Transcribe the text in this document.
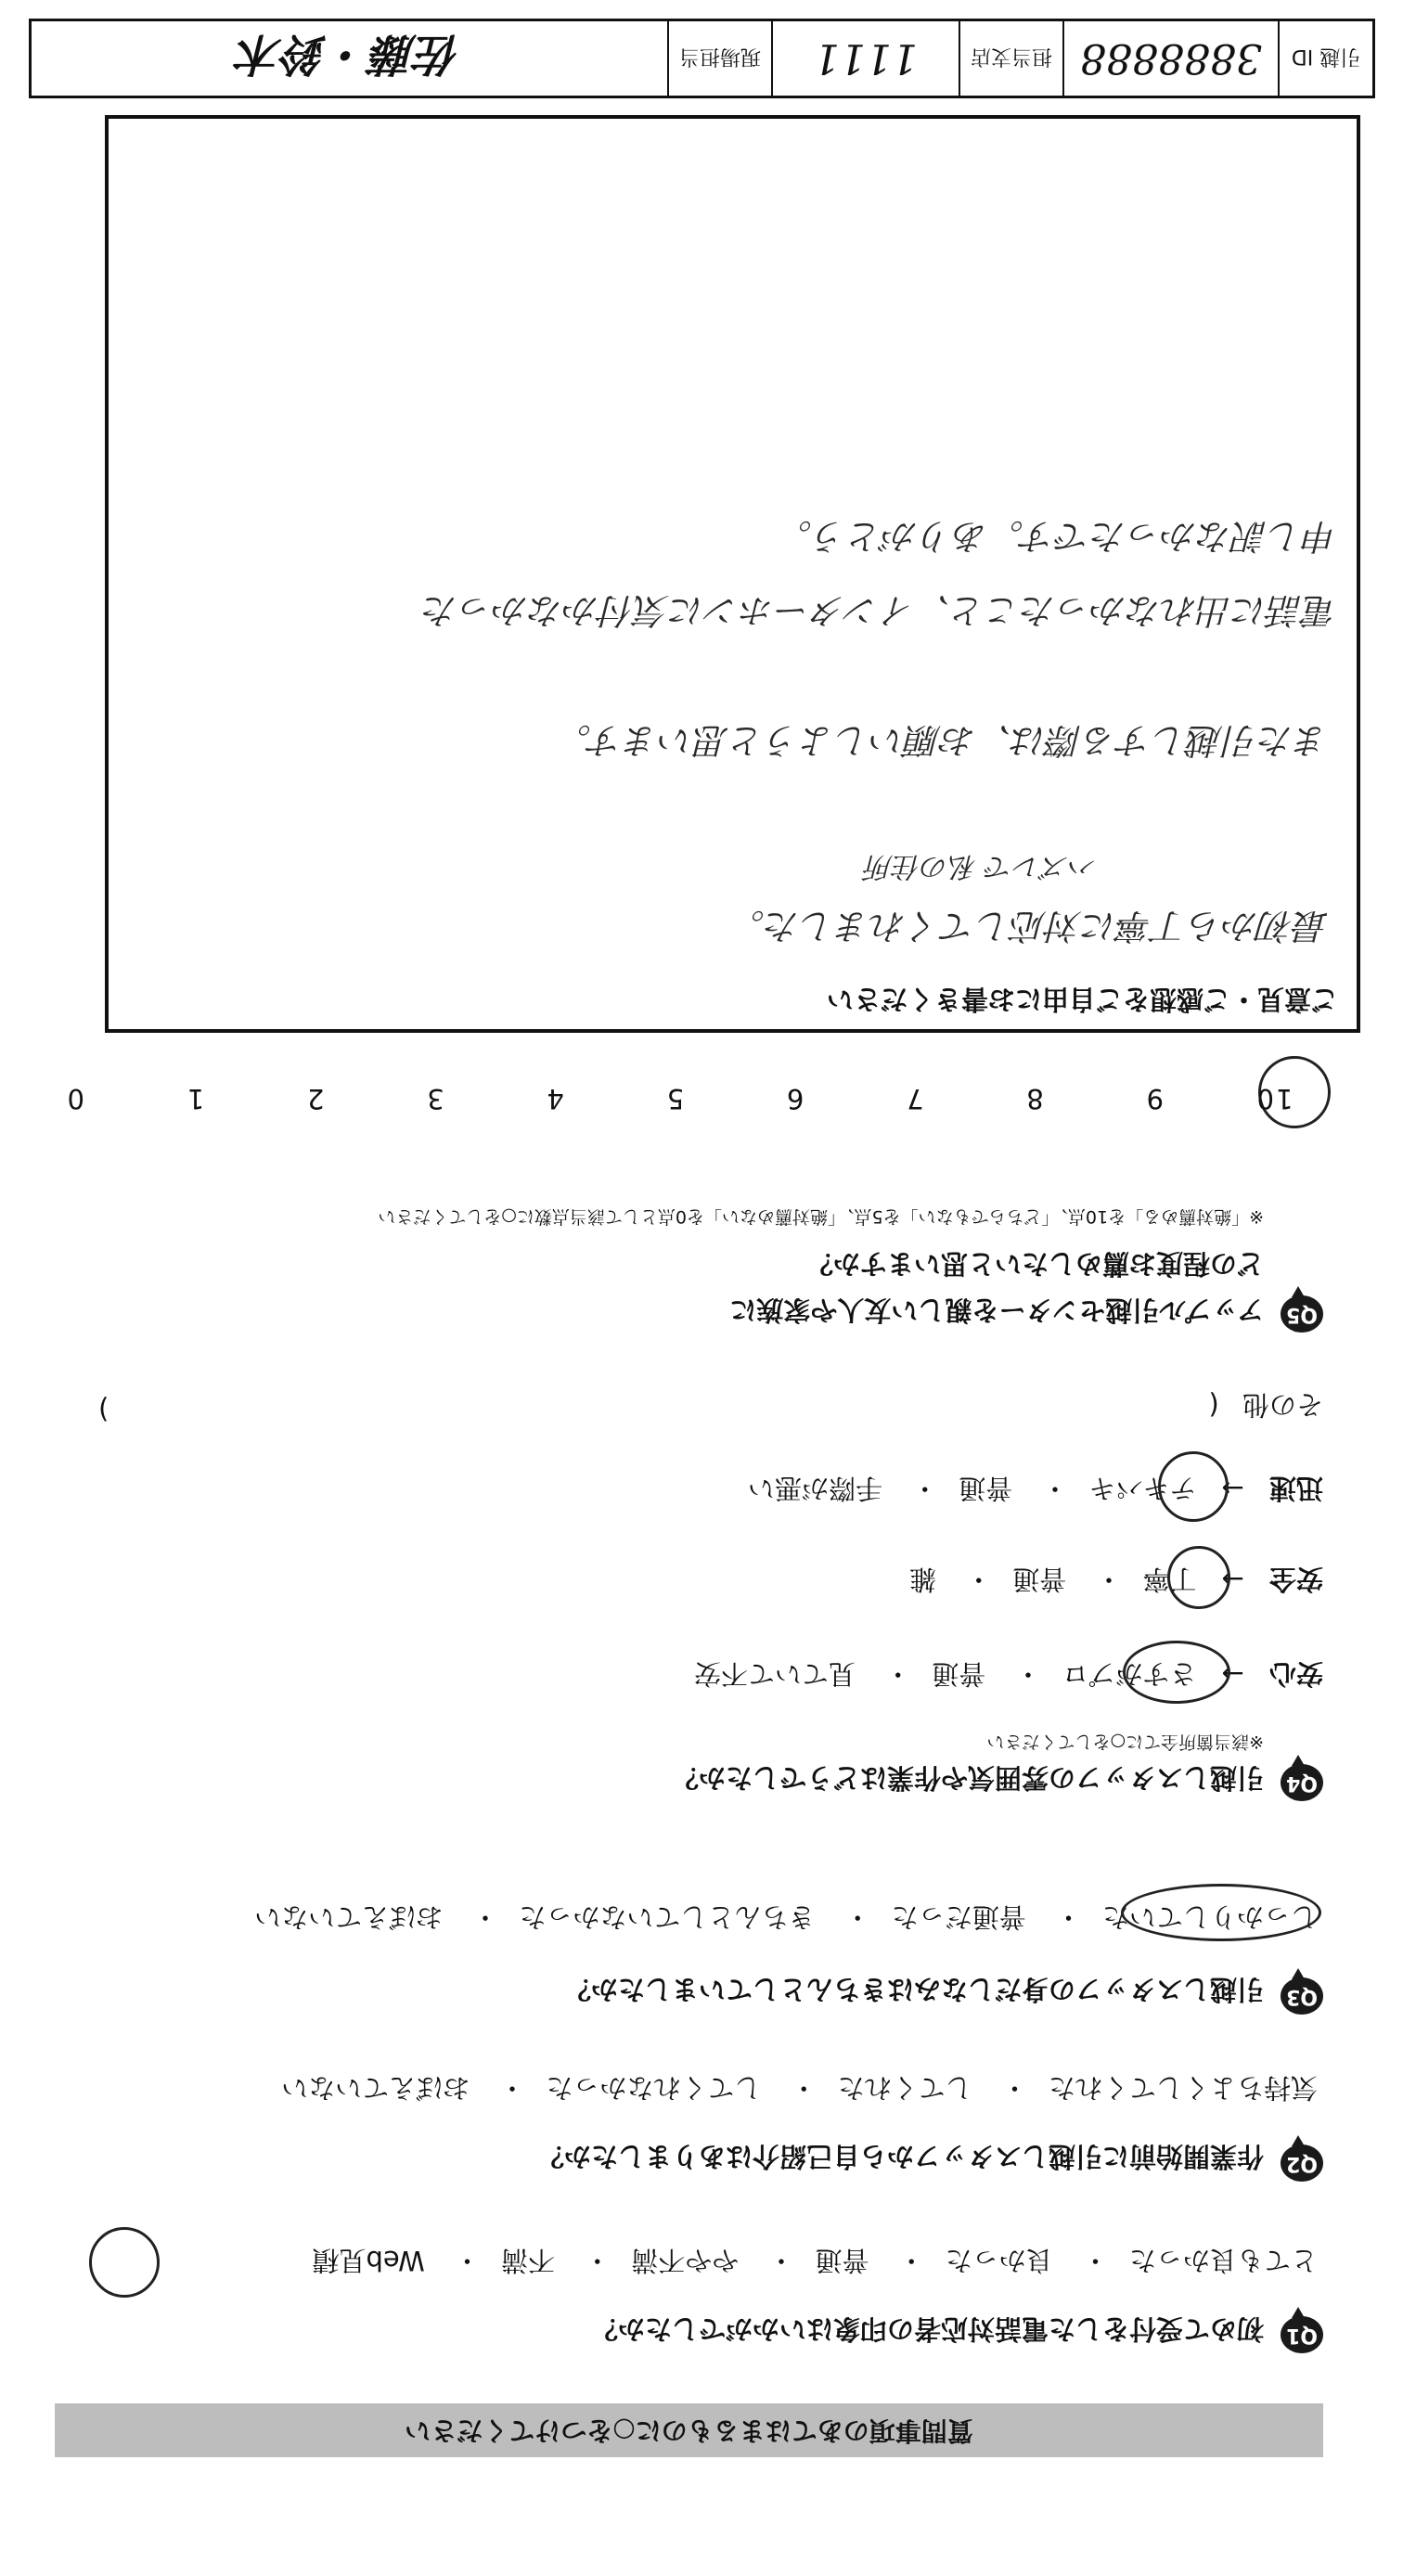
質問事項のあてはまるものに○をつけてください
Q1
初めて受付をした電話対応者の印象はいかがでしたか？
とても良かった・ 良かった・ 普通・ やや不満・ 不満・ Web見積
Q2
作業開始前に引越しスタッフから自己紹介はありましたか？
気持ちよくしてくれた・ してくれた・ してくれなかった・ おぼえていない
Q3
引越しスタッフの身だしなみはきちんとしていましたか？
しっかりしていた・ 普通だった・ きちんとしていなかった・ おぼえていない
Q4
引越しスタッフの雰囲気や作業はどうでしたか？
※該当箇所全てに○をしてください
安心 → さすがプロ・ 普通・ 見ていて不安
安全 → 丁寧・ 普通・ 雑
迅速 → テキパキ・ 普通・ 手際が悪い
その他 (
)
Q5
アップル引越センターを親しい友人や家族に
どの程度お薦めしたいと思いますか？
※「絶対薦める」を10点、「どちらでもない」を5点、「絶対薦めない」を0点として該当点数に○をしてください
10 9 8 7 6 5 4 3 2 1 0
ご意見・ご感想をご自由にお書きください
最初から丁寧に対応してくれました。
ハズレで 私の住所
また引越しする際は、お願いしようと思います。
電話に出れなかったこと、インターホンに気付かなかった
申し訳なかったです。ありがとう。
引越 ID
3888888
担当支店
1111
現場担当
佐藤・鈴木
